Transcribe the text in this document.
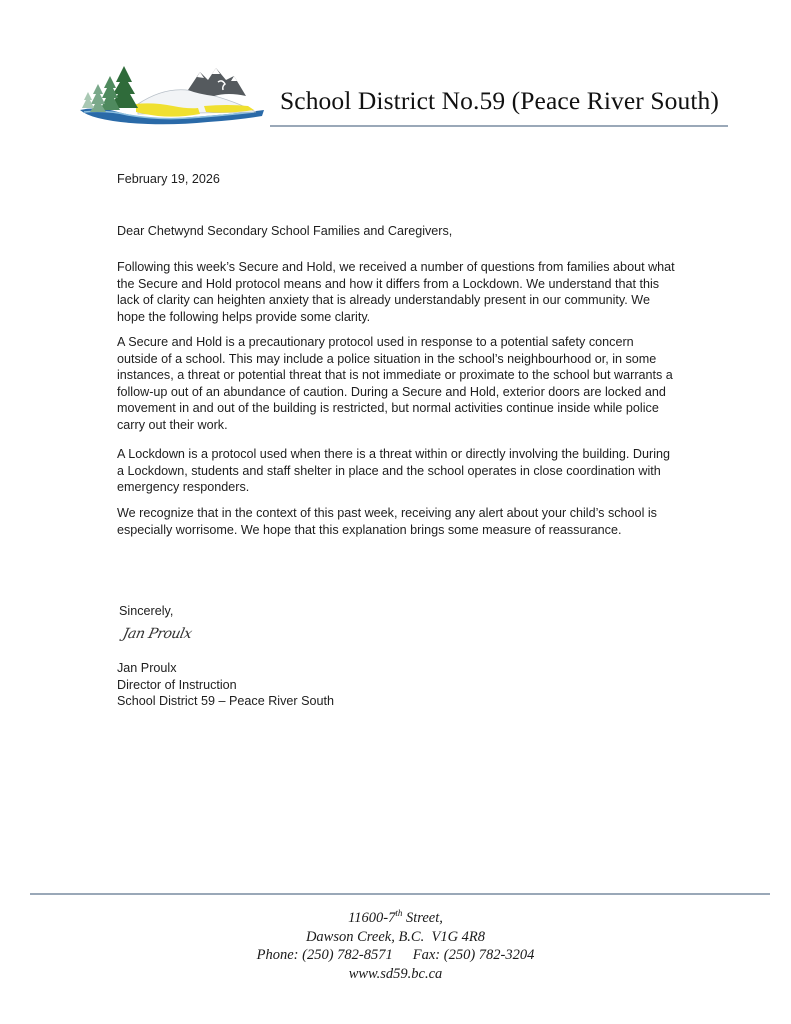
School District No.59 (Peace River South)
February 19, 2026
Dear Chetwynd Secondary School Families and Caregivers,

Following this week’s Secure and Hold, we received a number of questions from families about what the Secure and Hold protocol means and how it differs from a Lockdown. We understand that this lack of clarity can heighten anxiety that is already understandably present in our community. We hope the following helps provide some clarity.

A Secure and Hold is a precautionary protocol used in response to a potential safety concern outside of a school. This may include a police situation in the school’s neighbourhood or, in some instances, a threat or potential threat that is not immediate or proximate to the school but warrants a follow-up out of an abundance of caution. During a Secure and Hold, exterior doors are locked and movement in and out of the building is restricted, but normal activities continue inside while police carry out their work.

A Lockdown is a protocol used when there is a threat within or directly involving the building. During a Lockdown, students and staff shelter in place and the school operates in close coordination with emergency responders.

We recognize that in the context of this past week, receiving any alert about your child’s school is especially worrisome. We hope that this explanation brings some measure of reassurance.

Sincerely,
Jan Proulx
Jan Proulx
Director of Instruction
School District 59 – Peace River South
11600-7th Street,
Dawson Creek, B.C.  V1G 4R8
Phone: (250) 782-8571 Fax: (250) 782-3204
www.sd59.bc.ca
